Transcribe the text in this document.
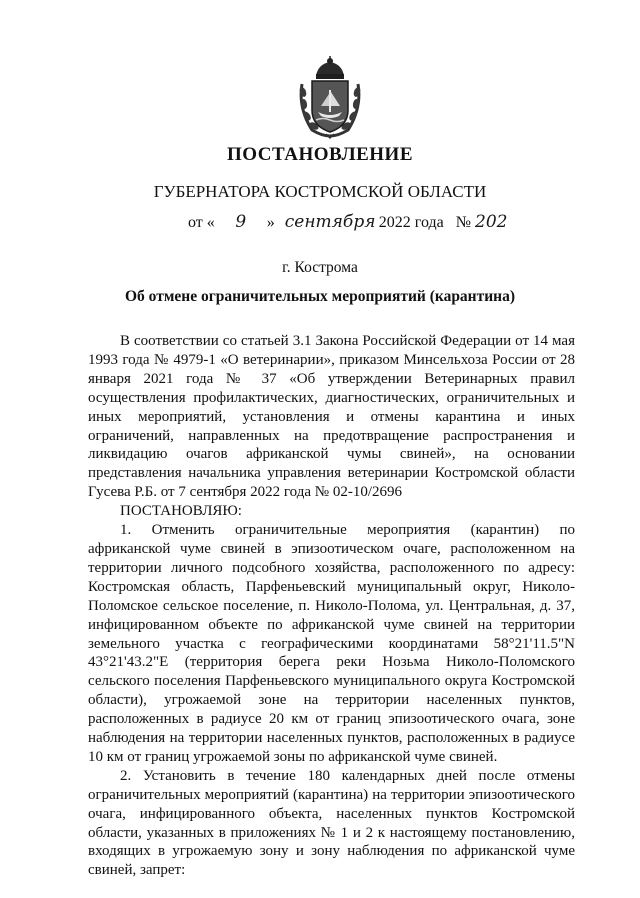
ПОСТАНОВЛЕНИЕ
ГУБЕРНАТОРА КОСТРОМСКОЙ ОБЛАСТИ
от « 9 » сентября 2022 года № 202
г. Кострома
Об отмене ограничительных мероприятий (карантина)

В соответствии со статьей 3.1 Закона Российской Федерации от 14 мая 1993 года № 4979-1 «О ветеринарии», приказом Минсельхоза России от 28 января 2021 года № 37 «Об утверждении Ветеринарных правил осуществления профилактических, диагностических, ограничительных и иных мероприятий, установления и отмены карантина и иных ограничений, направленных на предотвращение распространения и ликвидацию очагов африканской чумы свиней», на основании представления начальника управления ветеринарии Костромской области Гусева Р.Б. от 7 сентября 2022 года № 02-10/2696

ПОСТАНОВЛЯЮ:

1. Отменить ограничительные мероприятия (карантин) по африканской чуме свиней в эпизоотическом очаге, расположенном на территории личного подсобного хозяйства, расположенного по адресу: Костромская область, Парфеньевский муниципальный округ, Николо-Поломское сельское поселение, п. Николо-Полома, ул. Центральная, д. 37, инфицированном объекте по африканской чуме свиней на территории земельного участка с географическими координатами 58°21'11.5"N 43°21'43.2"E (территория берега реки Нозьма Николо-Поломского сельского поселения Парфеньевского муниципального округа Костромской области), угрожаемой зоне на территории населенных пунктов, расположенных в радиусе 20 км от границ эпизоотического очага, зоне наблюдения на территории населенных пунктов, расположенных в радиусе 10 км от границ угрожаемой зоны по африканской чуме свиней.

2. Установить в течение 180 календарных дней после отмены ограничительных мероприятий (карантина) на территории эпизоотического очага, инфицированного объекта, населенных пунктов Костромской области, указанных в приложениях № 1 и 2 к настоящему постановлению, входящих в угрожаемую зону и зону наблюдения по африканской чуме свиней, запрет:
